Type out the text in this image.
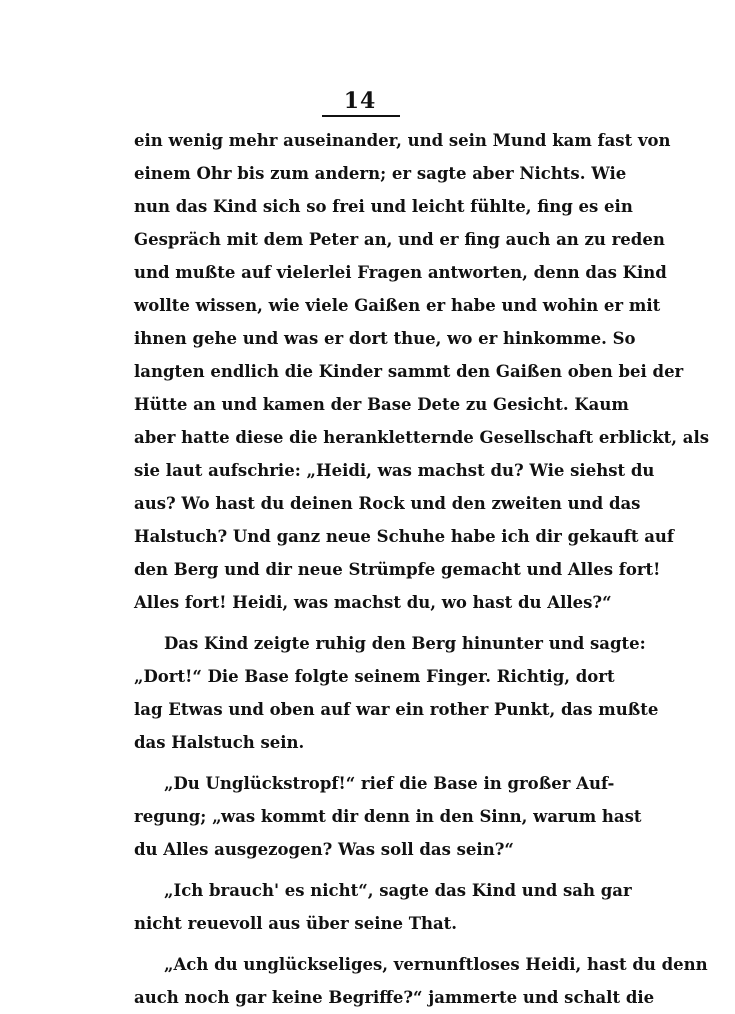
14
ein wenig mehr auseinander, und sein Mund kam fast von
einem Ohr bis zum andern; er sagte aber Nichts. Wie
nun das Kind sich so frei und leicht fühlte, fing es ein
Gespräch mit dem Peter an, und er fing auch an zu reden
und mußte auf vielerlei Fragen antworten, denn das Kind
wollte wissen, wie viele Gaißen er habe und wohin er mit
ihnen gehe und was er dort thue, wo er hinkomme. So
langten endlich die Kinder sammt den Gaißen oben bei der
Hütte an und kamen der Base Dete zu Gesicht. Kaum
aber hatte diese die herankletternde Gesellschaft erblickt, als
sie laut aufschrie: „Heidi, was machst du? Wie siehst du
aus? Wo hast du deinen Rock und den zweiten und das
Halstuch? Und ganz neue Schuhe habe ich dir gekauft auf
den Berg und dir neue Strümpfe gemacht und Alles fort!
Alles fort! Heidi, was machst du, wo hast du Alles?“
Das Kind zeigte ruhig den Berg hinunter und sagte:
„Dort!“ Die Base folgte seinem Finger. Richtig, dort
lag Etwas und oben auf war ein rother Punkt, das mußte
das Halstuch sein.
„Du Unglückstropf!“ rief die Base in großer Auf-
regung; „was kommt dir denn in den Sinn, warum hast
du Alles ausgezogen? Was soll das sein?“
„Ich brauch' es nicht“, sagte das Kind und sah gar
nicht reuevoll aus über seine That.
„Ach du unglückseliges, vernunftloses Heidi, hast du denn
auch noch gar keine Begriffe?“ jammerte und schalt die
